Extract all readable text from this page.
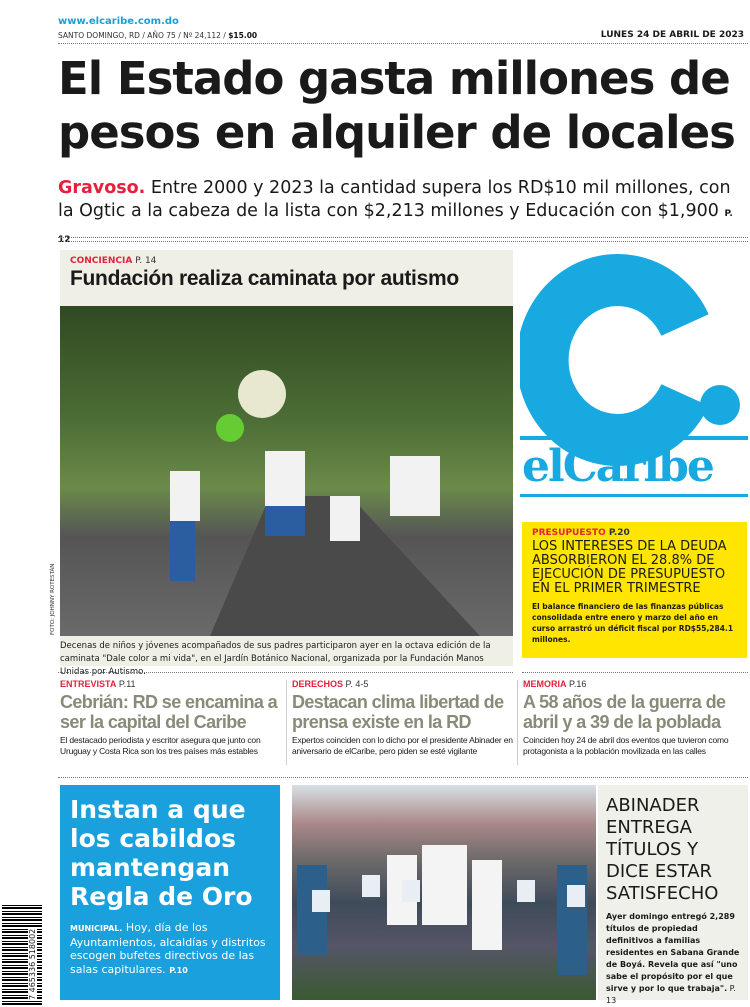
www.elcaribe.com.do
SANTO DOMINGO, RD / AÑO 75 / Nº 24,112 / $15.00	LUNES 24 DE ABRIL DE 2023
El Estado gasta millones de pesos en alquiler de locales
Gravoso. Entre 2000 y 2023 la cantidad supera los RD$10 mil millones, con la Ogtic a la cabeza de la lista con $2,213 millones y Educación con $1,900 P. 12
CONCIENCIA P. 14
Fundación realiza caminata por autismo
FOTO: JOHNNY ROTESTÁN
Decenas de niños y jóvenes acompañados de sus padres participaron ayer en la octava edición de la caminata "Dale color a mi vida", en el Jardín Botánico Nacional, organizada por la Fundación Manos Unidas por Autismo.
elCaribe
PRESUPUESTO P.20
LOS INTERESES DE LA DEUDA ABSORBIERON EL 28.8% DE EJECUCIÓN DE PRESUPUESTO EN EL PRIMER TRIMESTRE

El balance financiero de las finanzas públicas consolidada entre enero y marzo del año en curso arrastró un déficit fiscal por RD$55,284.1 millones.

ENTREVISTA P.11
Cebrián: RD se encamina a ser la capital del Caribe

El destacado periodista y escritor asegura que junto con Uruguay y Costa Rica son los tres países más estables

DERECHOS P. 4-5
Destacan clima libertad de prensa existe en la RD

Expertos coinciden con lo dicho por el presidente Abinader en aniversario de elCaribe, pero piden se esté vigilante

MEMORIA P.16
A 58 años de la guerra de abril y a 39 de la poblada

Coinciden hoy 24 de abril dos eventos que tuvieron como protagonista a la población movilizada en las calles

Instan a que los cabildos mantengan Regla de Oro

MUNICIPAL. Hoy, día de los Ayuntamientos, alcaldías y distritos escogen bufetes directivos de las salas capitulares. P.10

ABINADER ENTREGA TÍTULOS Y DICE ESTAR SATISFECHO

Ayer domingo entregó 2,289 títulos de propiedad definitivos a familias residentes en Sabana Grande de Boyá. Revela que así "uno sabe el propósito por el que sirve y por lo que trabaja". P. 13

7 465336 518002
